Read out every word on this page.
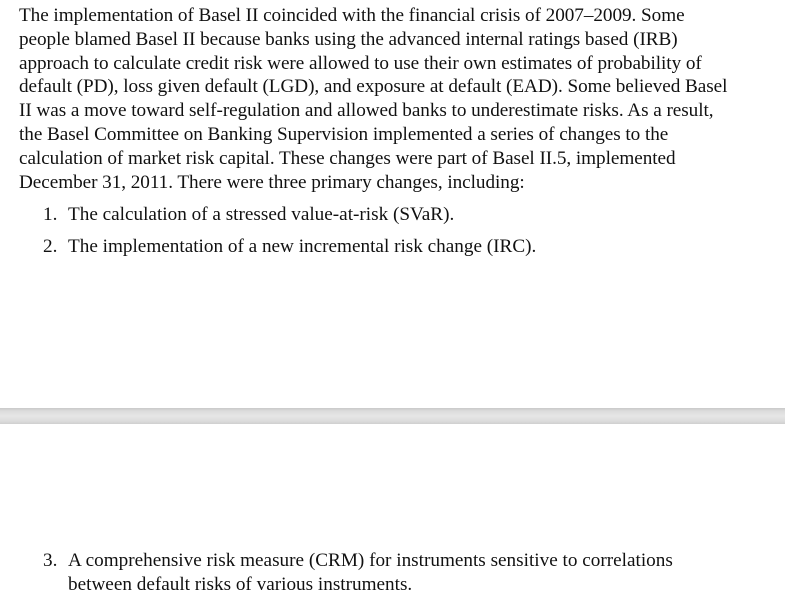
The implementation of Basel II coincided with the financial crisis of 2007–2009. Some
people blamed Basel II because banks using the advanced internal ratings based (IRB)
approach to calculate credit risk were allowed to use their own estimates of probability of
default (PD), loss given default (LGD), and exposure at default (EAD). Some believed Basel
II was a move toward self-regulation and allowed banks to underestimate risks. As a result,
the Basel Committee on Banking Supervision implemented a series of changes to the
calculation of market risk capital. These changes were part of Basel II.5, implemented
December 31, 2011. There were three primary changes, including:

1. The calculation of a stressed value-at-risk (SVaR).
2. The implementation of a new incremental risk change (IRC).
3. A comprehensive risk measure (CRM) for instruments sensitive to correlations
between default risks of various instruments.
